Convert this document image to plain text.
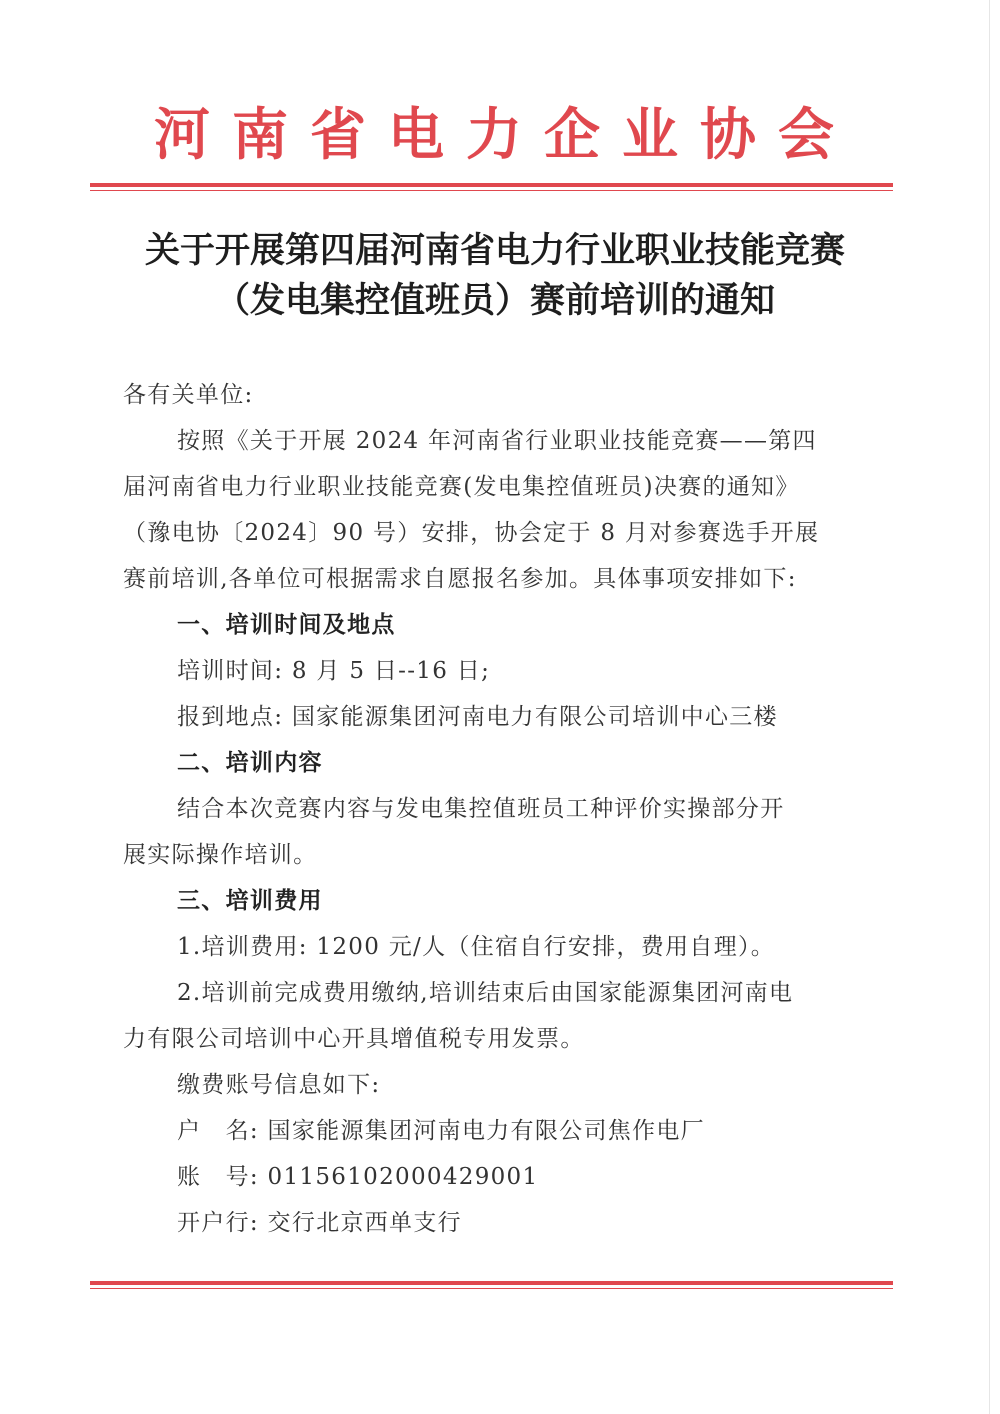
河南省电力企业协会
关于开展第四届河南省电力行业职业技能竞赛
（发电集控值班员）赛前培训的通知
各有关单位:
按照《关于开展 2024 年河南省行业职业技能竞赛——第四
届河南省电力行业职业技能竞赛(发电集控值班员)决赛的通知》
（豫电协〔2024〕90 号）安排，协会定于 8 月对参赛选手开展
赛前培训,各单位可根据需求自愿报名参加。具体事项安排如下:
一、培训时间及地点
培训时间: 8 月 5 日--16 日;
报到地点: 国家能源集团河南电力有限公司培训中心三楼
二、培训内容
结合本次竞赛内容与发电集控值班员工种评价实操部分开
展实际操作培训。
三、培训费用
1.培训费用: 1200 元/人（住宿自行安排，费用自理）。
2.培训前完成费用缴纳,培训结束后由国家能源集团河南电
力有限公司培训中心开具增值税专用发票。
缴费账号信息如下:
户　名: 国家能源集团河南电力有限公司焦作电厂
账　号: 01156102000429001
开户行: 交行北京西单支行
